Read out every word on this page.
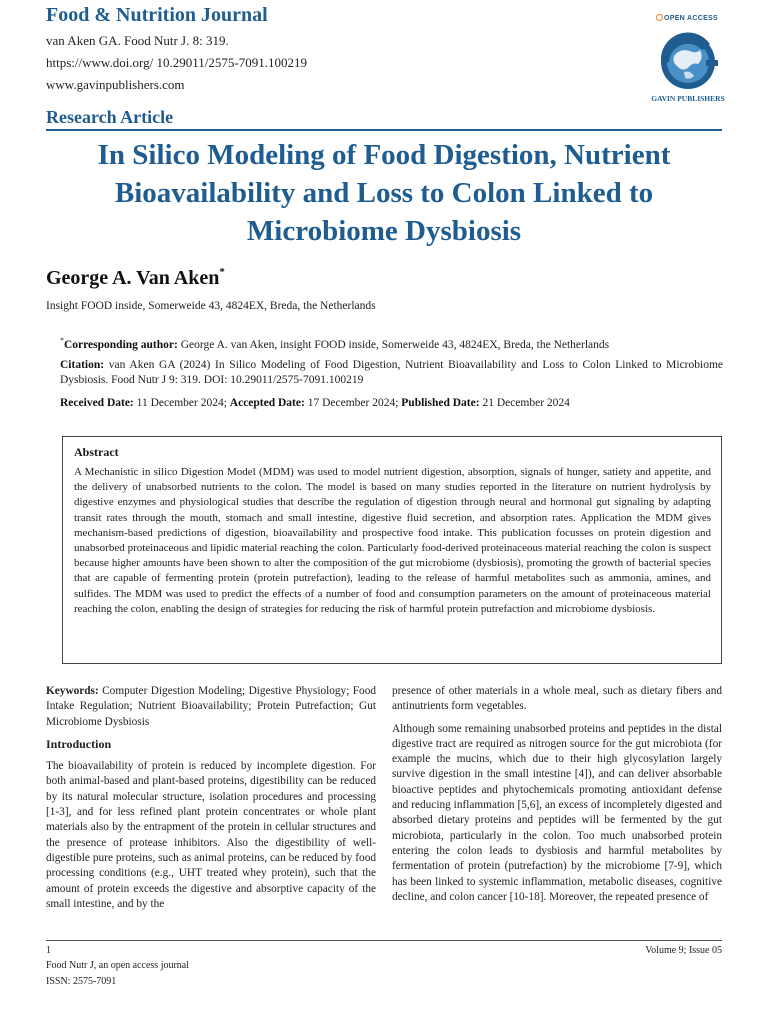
Food & Nutrition Journal
van Aken GA. Food Nutr J. 8: 319.
https://www.doi.org/ 10.29011/2575-7091.100219
www.gavinpublishers.com
OPEN ACCESS
GAVIN PUBLISHERS
Research Article
In Silico Modeling of Food Digestion, Nutrient Bioavailability and Loss to Colon Linked to Microbiome Dysbiosis
George A. Van Aken*
Insight FOOD inside, Somerweide 43, 4824EX, Breda, the Netherlands
*Corresponding author: George A. van Aken, insight FOOD inside, Somerweide 43, 4824EX, Breda, the Netherlands
Citation: van Aken GA (2024) In Silico Modeling of Food Digestion, Nutrient Bioavailability and Loss to Colon Linked to Microbiome Dysbiosis. Food Nutr J 9: 319. DOI: 10.29011/2575-7091.100219
Received Date: 11 December 2024; Accepted Date: 17 December 2024; Published Date: 21 December 2024
Abstract
A Mechanistic in silico Digestion Model (MDM) was used to model nutrient digestion, absorption, signals of hunger, satiety and appetite, and the delivery of unabsorbed nutrients to the colon. The model is based on many studies reported in the literature on nutrient hydrolysis by digestive enzymes and physiological studies that describe the regulation of digestion through neural and hormonal gut signaling by adapting transit rates through the mouth, stomach and small intestine, digestive fluid secretion, and absorption rates. Application the MDM gives mechanism-based predictions of digestion, bioavailability and prospective food intake. This publication focusses on protein digestion and unabsorbed proteinaceous and lipidic material reaching the colon. Particularly food-derived proteinaceous material reaching the colon is suspect because higher amounts have been shown to alter the composition of the gut microbiome (dysbiosis), promoting the growth of bacterial species that are capable of fermenting protein (protein putrefaction), leading to the release of harmful metabolites such as ammonia, amines, and sulfides. The MDM was used to predict the effects of a number of food and consumption parameters on the amount of proteinaceous material reaching the colon, enabling the design of strategies for reducing the risk of harmful protein putrefaction and microbiome dysbiosis.

Keywords: Computer Digestion Modeling; Digestive Physiology; Food Intake Regulation; Nutrient Bioavailability; Protein Putrefaction; Gut Microbiome Dysbiosis

Introduction

The bioavailability of protein is reduced by incomplete digestion. For both animal-based and plant-based proteins, digestibility can be reduced by its natural molecular structure, isolation procedures and processing [1-3], and for less refined plant protein concentrates or whole plant materials also by the entrapment of the protein in cellular structures and the presence of protease inhibitors. Also the digestibility of well-digestible pure proteins, such as animal proteins, can be reduced by food processing conditions (e.g., UHT treated whey protein), such that the amount of protein exceeds the digestive and absorptive capacity of the small intestine, and by the

presence of other materials in a whole meal, such as dietary fibers and antinutrients form vegetables.

Although some remaining unabsorbed proteins and peptides in the distal digestive tract are required as nitrogen source for the gut microbiota (for example the mucins, which due to their high glycosylation largely survive digestion in the small intestine [4]), and can deliver absorbable bioactive peptides and phytochemicals promoting antioxidant defense and reducing inflammation [5,6], an excess of incompletely digested and absorbed dietary proteins and peptides will be fermented by the gut microbiota, particularly in the colon. Too much unabsorbed protein entering the colon leads to dysbiosis and harmful metabolites by fermentation of protein (putrefaction) by the microbiome [7-9], which has been linked to systemic inflammation, metabolic diseases, cognitive decline, and colon cancer [10-18]. Moreover, the repeated presence of

1	Volume 9; Issue 05
Food Nutr J, an open access journal
ISSN: 2575-7091
